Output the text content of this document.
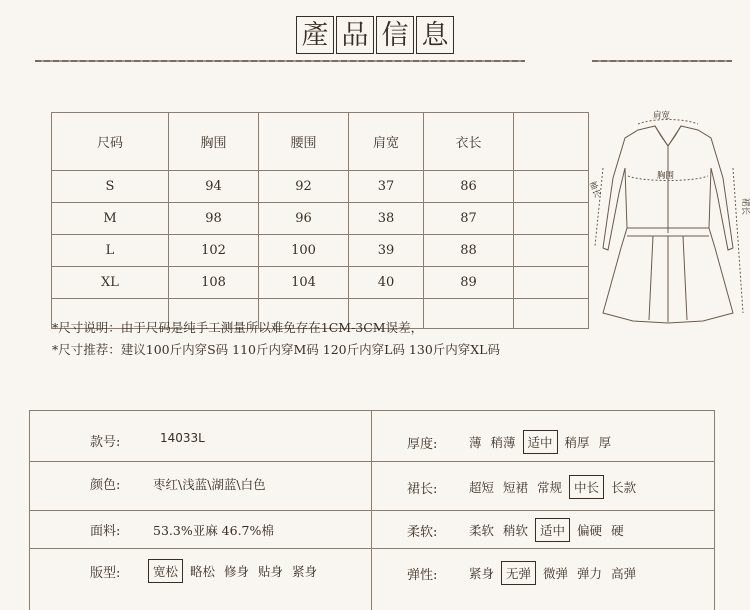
產 品 信 息
尺码	胸围	腰围	肩宽	衣长	
S	94	92	37	86	
M	98	96	38	87	
L	102	100	39	88	
XL	108	104	40	89	

*尺寸说明：由于尺码是纯手工测量所以难免存在1CM-3CM误差，
*尺寸推荐：建议100斤内穿S码 110斤内穿M码 120斤内穿L码 130斤内穿XL码
肩宽
胸围
袖长
裙长
款号:	14033L
颜色:	枣红\浅蓝\湖蓝\白色
面料:	53.3%亚麻 46.7%棉
版型:	宽松 略松 修身 贴身 紧身
厚度:	薄 稍薄 适中 稍厚 厚
裙长:	超短 短裙 常规 中长 长款
柔软:	柔软 稍软 适中 偏硬 硬
弹性:	紧身 无弹 微弹 弹力 高弹
